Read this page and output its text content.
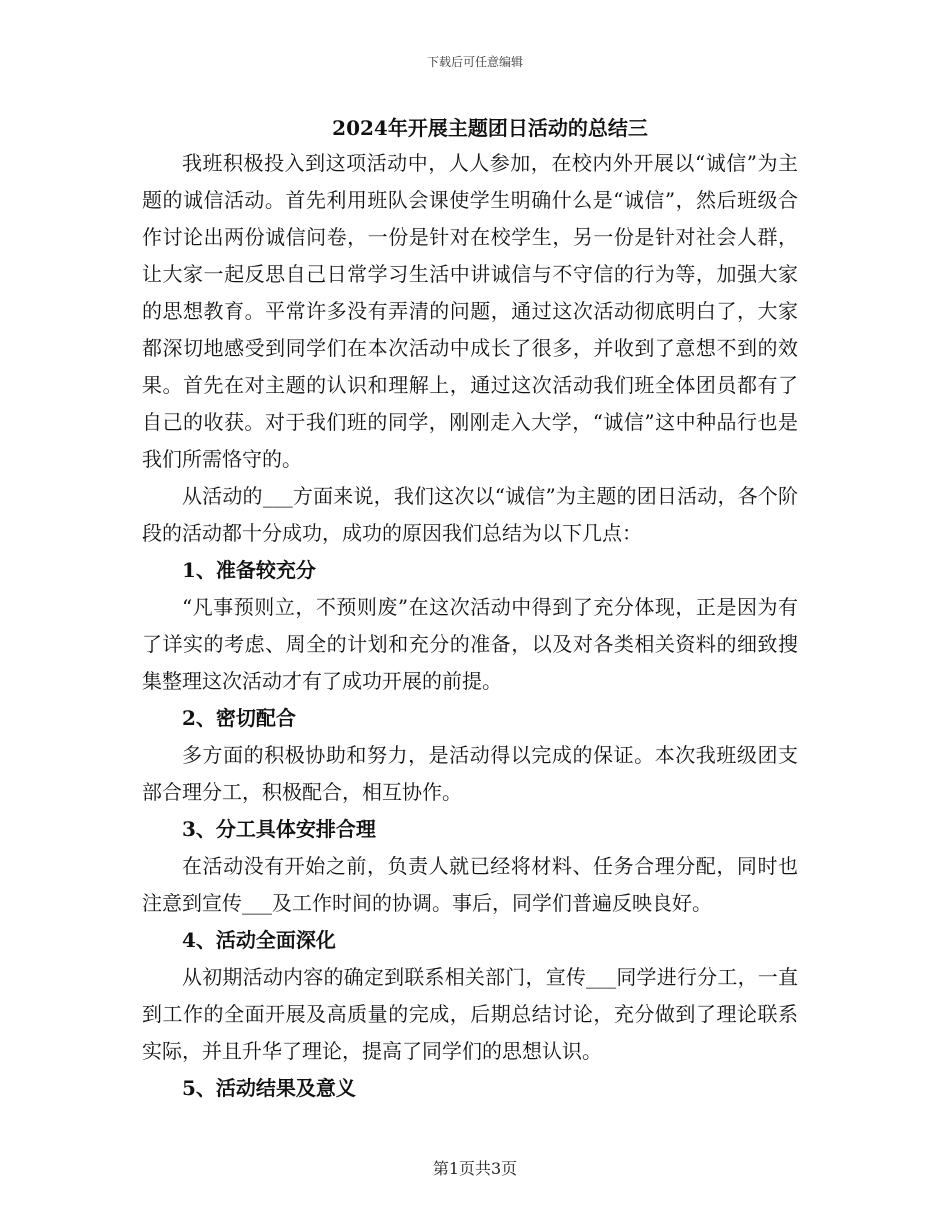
下载后可任意编辑
2024年开展主题团日活动的总结三

我班积极投入到这项活动中，人人参加，在校内外开展以“诚信”为主题的诚信活动。首先利用班队会课使学生明确什么是“诚信”，然后班级合作讨论出两份诚信问卷，一份是针对在校学生，另一份是针对社会人群，让大家一起反思自己日常学习生活中讲诚信与不守信的行为等，加强大家的思想教育。平常许多没有弄清的问题，通过这次活动彻底明白了，大家都深切地感受到同学们在本次活动中成长了很多，并收到了意想不到的效果。首先在对主题的认识和理解上，通过这次活动我们班全体团员都有了自己的收获。对于我们班的同学，刚刚走入大学，“诚信”这中种品行也是我们所需恪守的。

从活动的___方面来说，我们这次以“诚信”为主题的团日活动，各个阶段的活动都十分成功，成功的原因我们总结为以下几点：

1、准备较充分

“凡事预则立，不预则废”在这次活动中得到了充分体现，正是因为有了详实的考虑、周全的计划和充分的准备，以及对各类相关资料的细致搜集整理这次活动才有了成功开展的前提。

2、密切配合

多方面的积极协助和努力，是活动得以完成的保证。本次我班级团支部合理分工，积极配合，相互协作。

3、分工具体安排合理

在活动没有开始之前，负责人就已经将材料、任务合理分配，同时也注意到宣传___及工作时间的协调。事后，同学们普遍反映良好。

4、活动全面深化

从初期活动内容的确定到联系相关部门，宣传___同学进行分工，一直到工作的全面开展及高质量的完成，后期总结讨论，充分做到了理论联系实际，并且升华了理论，提高了同学们的思想认识。

5、活动结果及意义

第1页共3页
